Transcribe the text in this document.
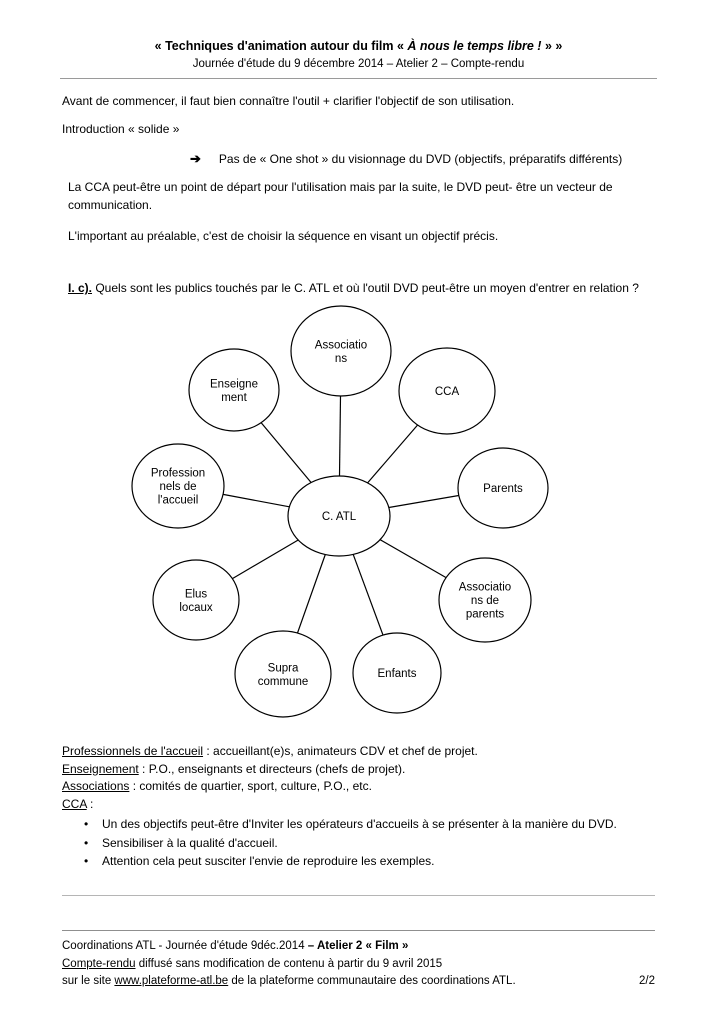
« Techniques d'animation autour du film « À nous le temps libre ! » »
Journée d'étude du 9 décembre 2014 – Atelier 2 – Compte-rendu
Avant de commencer, il faut bien connaître l'outil + clarifier l'objectif de son utilisation.
Introduction « solide »
➔ Pas de « One shot » du visionnage du DVD (objectifs, préparatifs différents)
La CCA peut-être un point de départ pour l'utilisation mais par la suite, le DVD peut- être un vecteur de communication.
L'important au préalable, c'est de choisir la séquence en visant un objectif précis.
I. c). Quels sont les publics touchés par le C. ATL et où l'outil DVD peut-être un moyen d'entrer en relation ?
Associatio ns
CCA
Parents
Associatio ns de parents
Enfants
Supra commune
Elus locaux
Profession nels de l'accueil
Enseigne ment
C. ATL
Professionnels de l'accueil : accueillant(e)s, animateurs CDV et chef de projet.
Enseignement : P.O., enseignants et directeurs (chefs de projet).
Associations : comités de quartier, sport, culture, P.O., etc.
CCA :
• Un des objectifs peut-être d'Inviter les opérateurs d'accueils à se présenter à la manière du DVD.
• Sensibiliser à la qualité d'accueil.
• Attention cela peut susciter l'envie de reproduire les exemples.
Coordinations ATL - Journée d'étude 9déc.2014 – Atelier 2 « Film »
Compte-rendu diffusé sans modification de contenu à partir du 9 avril 2015
sur le site www.plateforme-atl.be de la plateforme communautaire des coordinations ATL.	2/2
